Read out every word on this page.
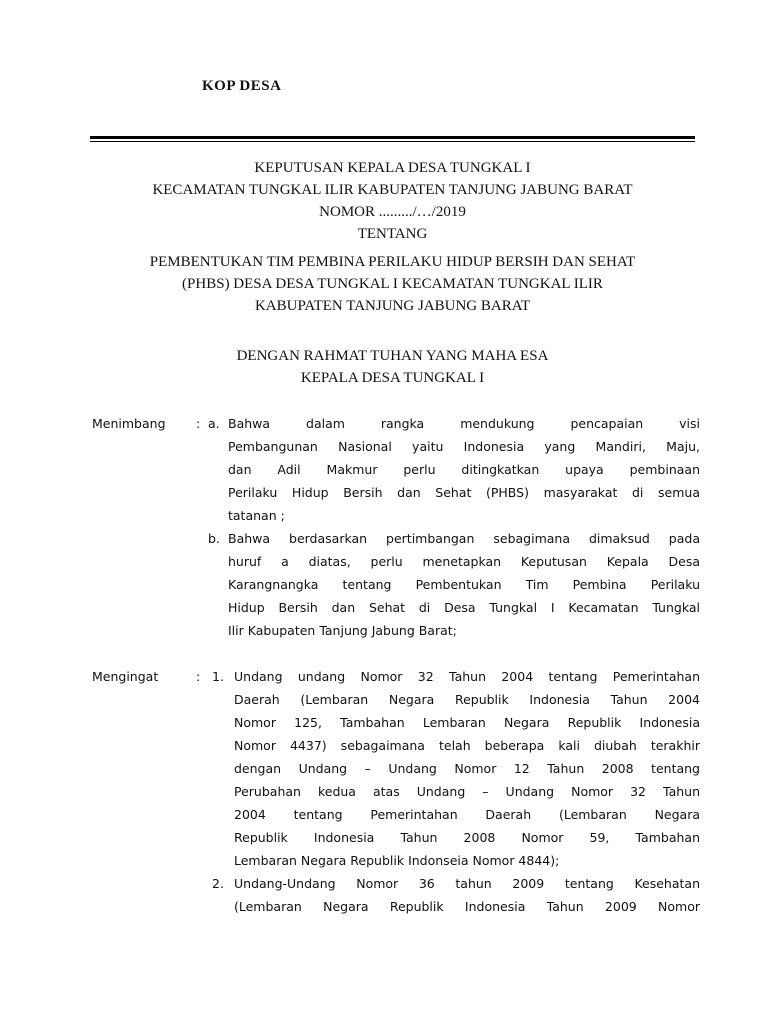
KOP DESA
KEPUTUSAN KEPALA DESA TUNGKAL I
KECAMATAN TUNGKAL ILIR KABUPATEN TANJUNG JABUNG BARAT
NOMOR ........./…/2019
TENTANG
PEMBENTUKAN TIM PEMBINA PERILAKU HIDUP BERSIH DAN SEHAT
(PHBS) DESA DESA TUNGKAL I KECAMATAN TUNGKAL ILIR
KABUPATEN TANJUNG JABUNG BARAT
DENGAN RAHMAT TUHAN YANG MAHA ESA
KEPALA DESA TUNGKAL I
Menimbang : a. Bahwa dalam rangka mendukung pencapaian visi
Pembangunan Nasional yaitu Indonesia yang Mandiri, Maju,
dan Adil Makmur perlu ditingkatkan upaya pembinaan
Perilaku Hidup Bersih dan Sehat (PHBS) masyarakat di semua
tatanan ;
b. Bahwa berdasarkan pertimbangan sebagimana dimaksud pada
huruf a diatas, perlu menetapkan Keputusan Kepala Desa
Karangnangka tentang Pembentukan Tim Pembina Perilaku
Hidup Bersih dan Sehat di Desa Tungkal I Kecamatan Tungkal
Ilir Kabupaten Tanjung Jabung Barat;
Mengingat	: 1. Undang undang Nomor 32 Tahun 2004 tentang Pemerintahan
Daerah (Lembaran Negara Republik Indonesia Tahun 2004
Nomor 125, Tambahan Lembaran Negara Republik Indonesia
Nomor 4437) sebagaimana telah beberapa kali diubah terakhir
dengan Undang – Undang Nomor 12 Tahun 2008 tentang
Perubahan kedua atas Undang – Undang Nomor 32 Tahun
2004 tentang Pemerintahan Daerah (Lembaran Negara
Republik Indonesia Tahun 2008 Nomor 59, Tambahan
Lembaran Negara Republik Indonseia Nomor 4844);
2. Undang-Undang Nomor 36 tahun 2009 tentang Kesehatan
(Lembaran Negara Republik Indonesia Tahun 2009 Nomor
